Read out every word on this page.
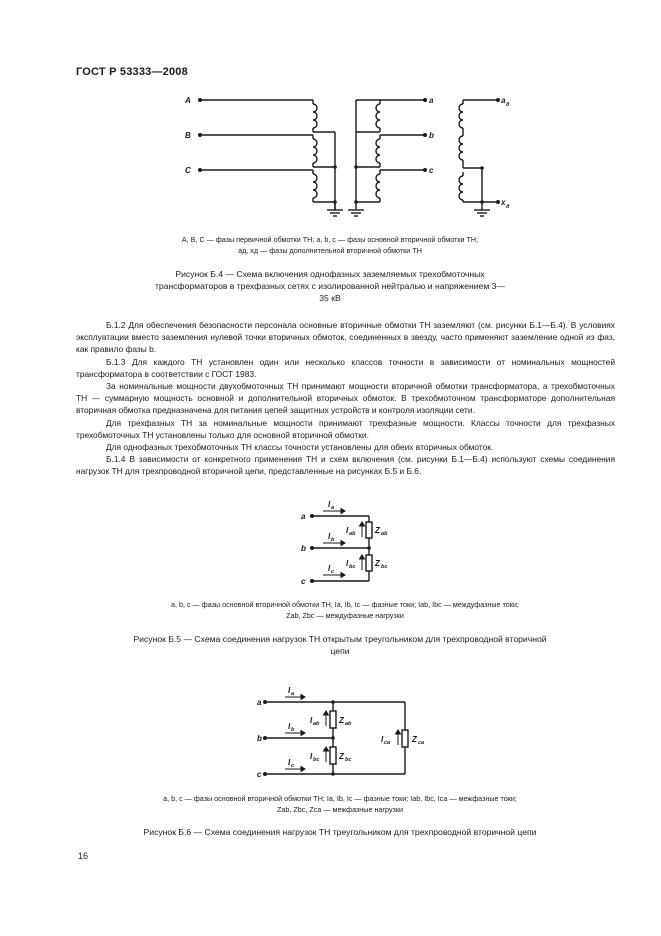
ГОСТ Р 53333—2008
A
B
C
a
b
c
a д
x д
A, B, C — фазы первичной обмотки ТН; a, b, c — фазы основной вторичной обмотки ТН;
aд, xд — фазы дополнительной вторичной обмотки ТН
Рисунок Б.4 — Схема включения однофазных заземляемых трехобмоточных трансформаторов в трехфазных сетях с изолированной нейтралью и напряжением 3—35 кВ

Б.1.2 Для обеспечения безопасности персонала основные вторичные обмотки ТН заземляют (см. рисунки Б.1—Б.4). В условиях эксплуатации вместо заземления нулевой точки вторичных обмоток, соединенных в звезду, часто применяют заземление одной из фаз, как правило фазы b.

Б.1.3 Для каждого ТН установлен один или несколько классов точности в зависимости от номинальных мощностей трансформатора в соответствии с ГОСТ 1983.

За номинальные мощности двухобмоточных ТН принимают мощности вторичной обмотки трансформатора, а трехобмоточных ТН — суммарную мощность основной и дополнительной вторичных обмоток. В трехобмоточном трансформаторе дополнительная вторичная обмотка предназначена для питания цепей защитных устройств и контроля изоляции сети.

Для трехфазных ТН за номинальные мощности принимают трехфазные мощности. Классы точности для трехфазных трехобмоточных ТН установлены только для основной вторичной обмотки.

Для однофазных трехобмоточных ТН классы точности установлены для обеих вторичных обмоток.

Б.1.4 В зависимости от конкретного применения ТН и схем включения (см. рисунки Б.1—Б.4) используют схемы соединения нагрузок ТН для трехпроводной вторичной цепи, представленные на рисунках Б.5 и Б.6.

a
b
c
I a
I b
I c
I ab
I bc
Z ab
Z bc
a, b, c — фазы основной вторичной обмотки ТН; Ia, Ib, Ic — фазные токи; Iab, Ibc — междуфазные токи;
Zab, Zbc — междуфазные нагрузки
Рисунок Б.5 — Схема соединения нагрузок ТН открытым треугольником для трехпроводной вторичной цепи
a
b
c
I a
I b
I c
I ab
I bc
I ca
Z ab
Z bc
Z ca
a, b, c — фазы основной вторичной обмотки ТН; Ia, Ib, Ic — фазные токи; Iab, Ibc, Ica — межфазные токи;
Zab, Zbc, Zca — межфазные нагрузки
Рисунок Б.6 — Схема соединения нагрузок ТН треугольником для трехпроводной вторичной цепи
16
